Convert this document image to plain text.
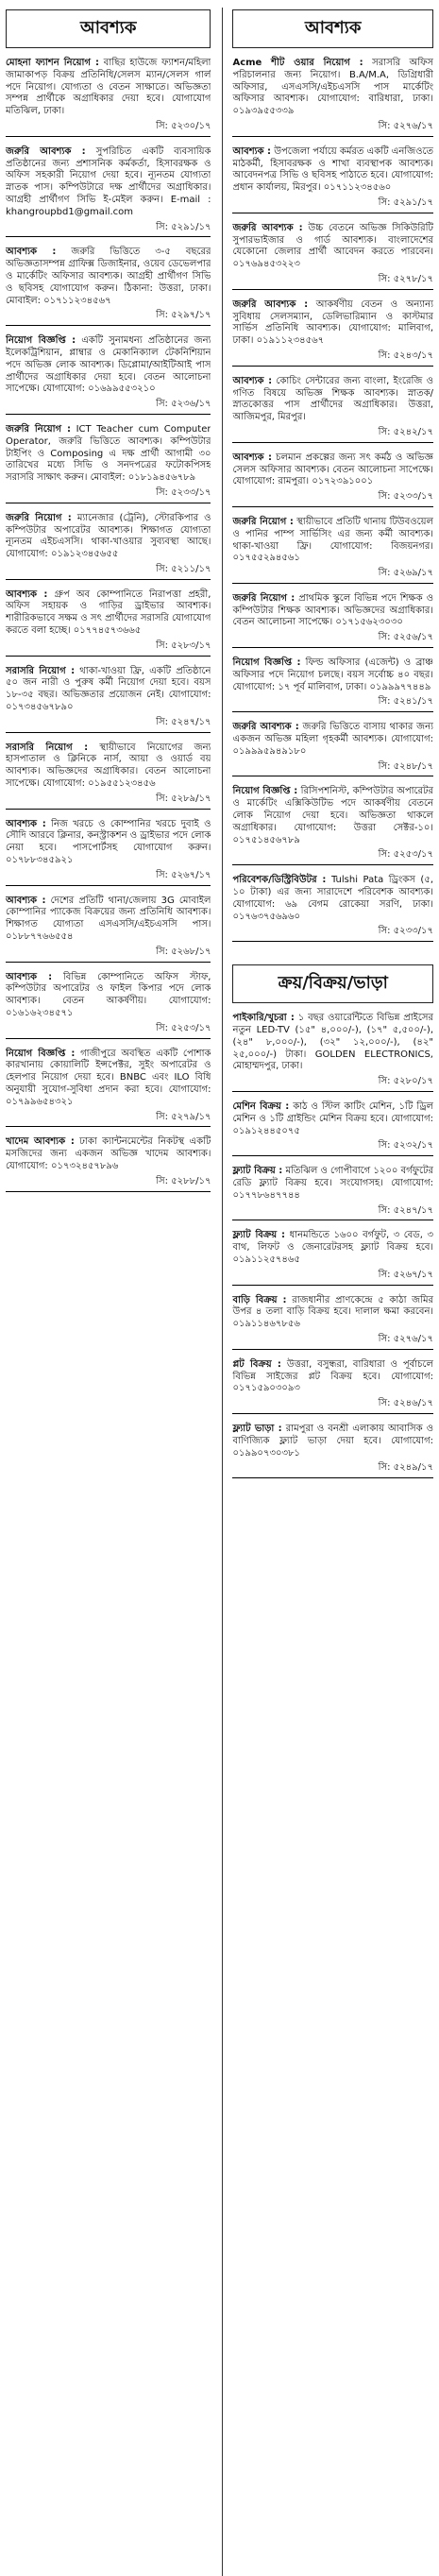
আবশ্যক
মোহনা ফ্যাশন নিয়োগ : বাছির হাউজে ফ্যাশন/মহিলা জামাকাপড় বিক্রয় প্রতিনিধি/সেলস ম্যান/সেলস গার্ল পদে নিয়োগ। যোগ্যতা ও বেতন সাক্ষাতে। অভিজ্ঞতা সম্পন্ন প্রার্থীকে অগ্রাধিকার দেয়া হবে। যোগাযোগ মতিঝিল, ঢাকা।
সি: ৫২৩০/১৭
জরুরি আবশ্যক : সুপরিচিত একটি ব্যবসায়িক প্রতিষ্ঠানের জন্য প্রশাসনিক কর্মকর্তা, হিসাবরক্ষক ও অফিস সহকারী নিয়োগ দেয়া হবে। ন্যূনতম যোগ্যতা স্নাতক পাস। কম্পিউটারে দক্ষ প্রার্থীদের অগ্রাধিকার। আগ্রহী প্রার্থীগণ সিভি ই-মেইল করুন। E-mail : khangroupbd1@gmail.com
সি: ৫২৯১/১৭
আবশ্যক : জরুরি ভিত্তিতে ৩-৫ বছরের অভিজ্ঞতাসম্পন্ন গ্রাফিক্স ডিজাইনার, ওয়েব ডেভেলপার ও মার্কেটিং অফিসার আবশ্যক। আগ্রহী প্রার্থীগণ সিভি ও ছবিসহ যোগাযোগ করুন। ঠিকানা: উত্তরা, ঢাকা। মোবাইল: ০১৭১১২৩৪৫৬৭
সি: ৫২৯৭/১৭
নিয়োগ বিজ্ঞপ্তি : একটি সুনামধন্য প্রতিষ্ঠানের জন্য ইলেকট্রিশিয়ান, প্লাম্বার ও মেকানিক্যাল টেকনিশিয়ান পদে অভিজ্ঞ লোক আবশ্যক। ডিপ্লোমা/আইটিআই পাস প্রার্থীদের অগ্রাধিকার দেয়া হবে। বেতন আলোচনা সাপেক্ষে। যোগাযোগ: ০১৬৯৯৫৫৩২১০
সি: ৫২৩৬/১৭
জরুরি নিয়োগ : ICT Teacher cum Computer Operator, জরুরি ভিত্তিতে আবশ্যক। কম্পিউটার টাইপিং ও Composing এ দক্ষ প্রার্থী আগামী ৩০ তারিখের মধ্যে সিভি ও সনদপত্রের ফটোকপিসহ সরাসরি সাক্ষাৎ করুন। মোবাইল: ০১৮১৯৪৫৬৭৮৯
সি: ৫২৩৩/১৭
জরুরি নিয়োগ : ম্যানেজার (ট্রেনি), স্টোরকিপার ও কম্পিউটার অপারেটর আবশ্যক। শিক্ষাগত যোগ্যতা ন্যূনতম এইচএসসি। থাকা-খাওয়ার সুব্যবস্থা আছে। যোগাযোগ: ০১৯১২৩৪৫৬৫৫
সি: ৫২১১/১৭
আবশ্যক : গ্রুপ অব কোম্পানিতে নিরাপত্তা প্রহরী, অফিস সহায়ক ও গাড়ির ড্রাইভার আবশ্যক। শারীরিকভাবে সক্ষম ও সৎ প্রার্থীদের সরাসরি যোগাযোগ করতে বলা হচ্ছে। ০১৭৭৪৫৭৩৬৬৫
সি: ৫২৮৩/১৭
সরাসরি নিয়োগ : থাকা-খাওয়া ফ্রি, একটি প্রতিষ্ঠানে ৫০ জন নারী ও পুরুষ কর্মী নিয়োগ দেয়া হবে। বয়স ১৮-৩৫ বছর। অভিজ্ঞতার প্রয়োজন নেই। যোগাযোগ: ০১৭৩৪৫৬৭৮৯০
সি: ৫২৪৭/১৭
সরাসরি নিয়োগ : স্থায়ীভাবে নিয়োগের জন্য হাসপাতাল ও ক্লিনিকে নার্স, আয়া ও ওয়ার্ড বয় আবশ্যক। অভিজ্ঞদের অগ্রাধিকার। বেতন আলোচনা সাপেক্ষে। যোগাযোগ: ০১৯৫৫১২৩৪৫৬
সি: ৫২৮৯/১৭
আবশ্যক : নিজ খরচে ও কোম্পানির খরচে দুবাই ও সৌদি আরবে ক্লিনার, কনস্ট্রাকশন ও ড্রাইভার পদে লোক নেয়া হবে। পাসপোর্টসহ যোগাযোগ করুন। ০১৭৮৮৩৪৫৯২১
সি: ৫২৬৭/১৭
আবশ্যক : দেশের প্রতিটি থানা/জেলায় 3G মোবাইল কোম্পানির প্যাকেজ বিক্রয়ের জন্য প্রতিনিধি আবশ্যক। শিক্ষাগত যোগ্যতা এসএসসি/এইচএসসি পাস। ০১৮৮৭৭৬৬৫৫৪
সি: ৫২৬৮/১৭
আবশ্যক : বিভিন্ন কোম্পানিতে অফিস স্টাফ, কম্পিউটার অপারেটর ও ফাইল কিপার পদে লোক আবশ্যক। বেতন আকর্ষণীয়। যোগাযোগ: ০১৬১৬২৩৪৫৭১
সি: ৫২৫৩/১৭
নিয়োগ বিজ্ঞপ্তি : গাজীপুরে অবস্থিত একটি পোশাক কারখানায় কোয়ালিটি ইন্সপেক্টর, সুইং অপারেটর ও হেলপার নিয়োগ দেয়া হবে। BNBC এবং ILO বিধি অনুযায়ী সুযোগ-সুবিধা প্রদান করা হবে। যোগাযোগ: ০১৭৯৯৬৫৪৩২১
সি: ৫২৭৯/১৭
খাদেম আবশ্যক : ঢাকা ক্যান্টনমেন্টের নিকটস্থ একটি মসজিদের জন্য একজন অভিজ্ঞ খাদেম আবশ্যক। যোগাযোগ: ০১৭৩২৪৫৭৮৯৬
সি: ৫২৮৮/১৭
আবশ্যক
Acme শীট ওয়ার নিয়োগ : সরাসরি অফিস পরিচালনার জন্য নিয়োগ। B.A/M.A, ডিগ্রিধারী অফিসার, এসএসসি/এইচএসসি পাস মার্কেটিং অফিসার আবশ্যক। যোগাযোগ: বারিধারা, ঢাকা। ০১৯৩৯৫৫৩৩৯
সি: ৫২৭৬/১৭
আবশ্যক : উপজেলা পর্যায়ে কর্মরত একটি এনজিওতে মাঠকর্মী, হিসাবরক্ষক ও শাখা ব্যবস্থাপক আবশ্যক। আবেদনপত্র সিভি ও ছবিসহ পাঠাতে হবে। যোগাযোগ: প্রধান কার্যালয়, মিরপুর। ০১৭১১২৩৪৫৬০
সি: ৫২৯১/১৭
জরুরি আবশ্যক : উচ্চ বেতনে অভিজ্ঞ সিকিউরিটি সুপারভাইজার ও গার্ড আবশ্যক। বাংলাদেশের যেকোনো জেলার প্রার্থী আবেদন করতে পারবেন। ০১৭৬৯৪৫৩২২৩
সি: ৫২৭৮/১৭
জরুরি আবশ্যক : আকর্ষণীয় বেতন ও অন্যান্য সুবিধায় সেলসম্যান, ডেলিভারিম্যান ও কাস্টমার সার্ভিস প্রতিনিধি আবশ্যক। যোগাযোগ: মালিবাগ, ঢাকা। ০১৯১১২৩৪৫৬৭
সি: ৫২৪৩/১৭
আবশ্যক : কোচিং সেন্টারের জন্য বাংলা, ইংরেজি ও গণিত বিষয়ে অভিজ্ঞ শিক্ষক আবশ্যক। স্নাতক/স্নাতকোত্তর পাস প্রার্থীদের অগ্রাধিকার। উত্তরা, আজিমপুর, মিরপুর।
সি: ৫২৪২/১৭
আবশ্যক : চলমান প্রকল্পের জন্য সৎ কর্মঠ ও অভিজ্ঞ সেলস অফিসার আবশ্যক। বেতন আলোচনা সাপেক্ষে। যোগাযোগ: রামপুরা। ০১৭২৩৯১০০১
সি: ৫২৩৩/১৭
জরুরি নিয়োগ : স্থায়ীভাবে প্রতিটি থানায় টিউবওয়েল ও পানির পাম্প সার্ভিসিং এর জন্য কর্মী আবশ্যক। থাকা-খাওয়া ফ্রি। যোগাযোগ: বিজয়নগর। ০১৭৫৫২৯৪৫৬১
সি: ৫২৬৯/১৭
জরুরি নিয়োগ : প্রাথমিক স্কুলে বিভিন্ন পদে শিক্ষক ও কম্পিউটার শিক্ষক আবশ্যক। অভিজ্ঞদের অগ্রাধিকার। বেতন আলোচনা সাপেক্ষে। ০১৭১৫৬২৩০৩০
সি: ৫২৫৬/১৭
নিয়োগ বিজ্ঞপ্তি : ফিল্ড অফিসার (এজেন্ট) ও ব্রাঞ্চ অফিসার পদে নিয়োগ চলছে। বয়স সর্বোচ্চ ৪০ বছর। যোগাযোগ: ১৭ পূর্ব মালিবাগ, ঢাকা। ০১৯৯৯৭৭৪৪৯
সি: ৫২৪১/১৭
জরুরি আবশ্যক : জরুরি ভিত্তিতে বাসায় থাকার জন্য একজন অভিজ্ঞ মহিলা গৃহকর্মী আবশ্যক। যোগাযোগ: ০১৯৯৯৫৯৪৯১৮০
সি: ৫২৪৮/১৭
নিয়োগ বিজ্ঞপ্তি : রিসিপশনিস্ট, কম্পিউটার অপারেটর ও মার্কেটিং এক্সিকিউটিভ পদে আকর্ষণীয় বেতনে লোক নিয়োগ দেয়া হবে। অভিজ্ঞতা থাকলে অগ্রাধিকার। যোগাযোগ: উত্তরা সেক্টর-১০। ০১৭৫১৪৫৬৭৮৯
সি: ৫২৫৩/১৭
পরিবেশক/ডিস্ট্রিবিউটর : Tulshi Pata ড্রিংকস (৫, ১০ টাকা) এর জন্য সারাদেশে পরিবেশক আবশ্যক। যোগাযোগ: ৬৯ বেগম রোকেয়া সরণি, ঢাকা। ০১৭৬৩৭৫৬৯৬০
সি: ৫২৩৩/১৭
ক্রয়/বিক্রয়/ভাড়া
পাইকারি/খুচরা : ১ বছর ওয়ারেন্টিতে বিভিন্ন প্রাইসের নতুন LED-TV (১৫" ৪,০০০/-), (১৭" ৫,৫০০/-), (২৪" ৮,০০০/-), (৩২" ১২,০০০/-), (৪২" ২৫,০০০/-) টাকা। GOLDEN ELECTRONICS, মোহাম্মদপুর, ঢাকা।
সি: ৫২৮০/১৭
মেশিন বিক্রয় : কাঠ ও স্টিল কাটিং মেশিন, ১টি ড্রিল মেশিন ও ১টি গ্রাইন্ডিং মেশিন বিক্রয় হবে। যোগাযোগ: ০১৯১২৪৪৫০৭৫
সি: ৫২৩২/১৭
ফ্ল্যাট বিক্রয় : মতিঝিল ও গোপীবাগে ১২০০ বর্গফুটের রেডি ফ্ল্যাট বিক্রয় হবে। সংযোগসহ। যোগাযোগ: ০১৭৭৮৬৪৭৭৪৪
সি: ৫২৪৭/১৭
ফ্ল্যাট বিক্রয় : ধানমন্ডিতে ১৬০০ বর্গফুট, ৩ বেড, ৩ বাথ, লিফট ও জেনারেটরসহ ফ্ল্যাট বিক্রয় হবে। ০১৯১১২৫৭৪৬৫
সি: ৫২৬৭/১৭
বাড়ি বিক্রয় : রাজধানীর প্রাণকেন্দ্রে ৫ কাঠা জমির উপর ৪ তলা বাড়ি বিক্রয় হবে। দালাল ক্ষমা করবেন। ০১৯১১৪৬৭৮৫৬
সি: ৫২৭৬/১৭
প্লট বিক্রয় : উত্তরা, বসুন্ধরা, বারিধারা ও পূর্বাচলে বিভিন্ন সাইজের প্লট বিক্রয় হবে। যোগাযোগ: ০১৭১৫৯০৩০৯৩
সি: ৫২৪৬/১৭
ফ্ল্যাট ভাড়া : রামপুরা ও বনশ্রী এলাকায় আবাসিক ও বাণিজ্যিক ফ্ল্যাট ভাড়া দেয়া হবে। যোগাযোগ: ০১৯৯০৭৩০৩৮১
সি: ৫২৪৯/১৭
